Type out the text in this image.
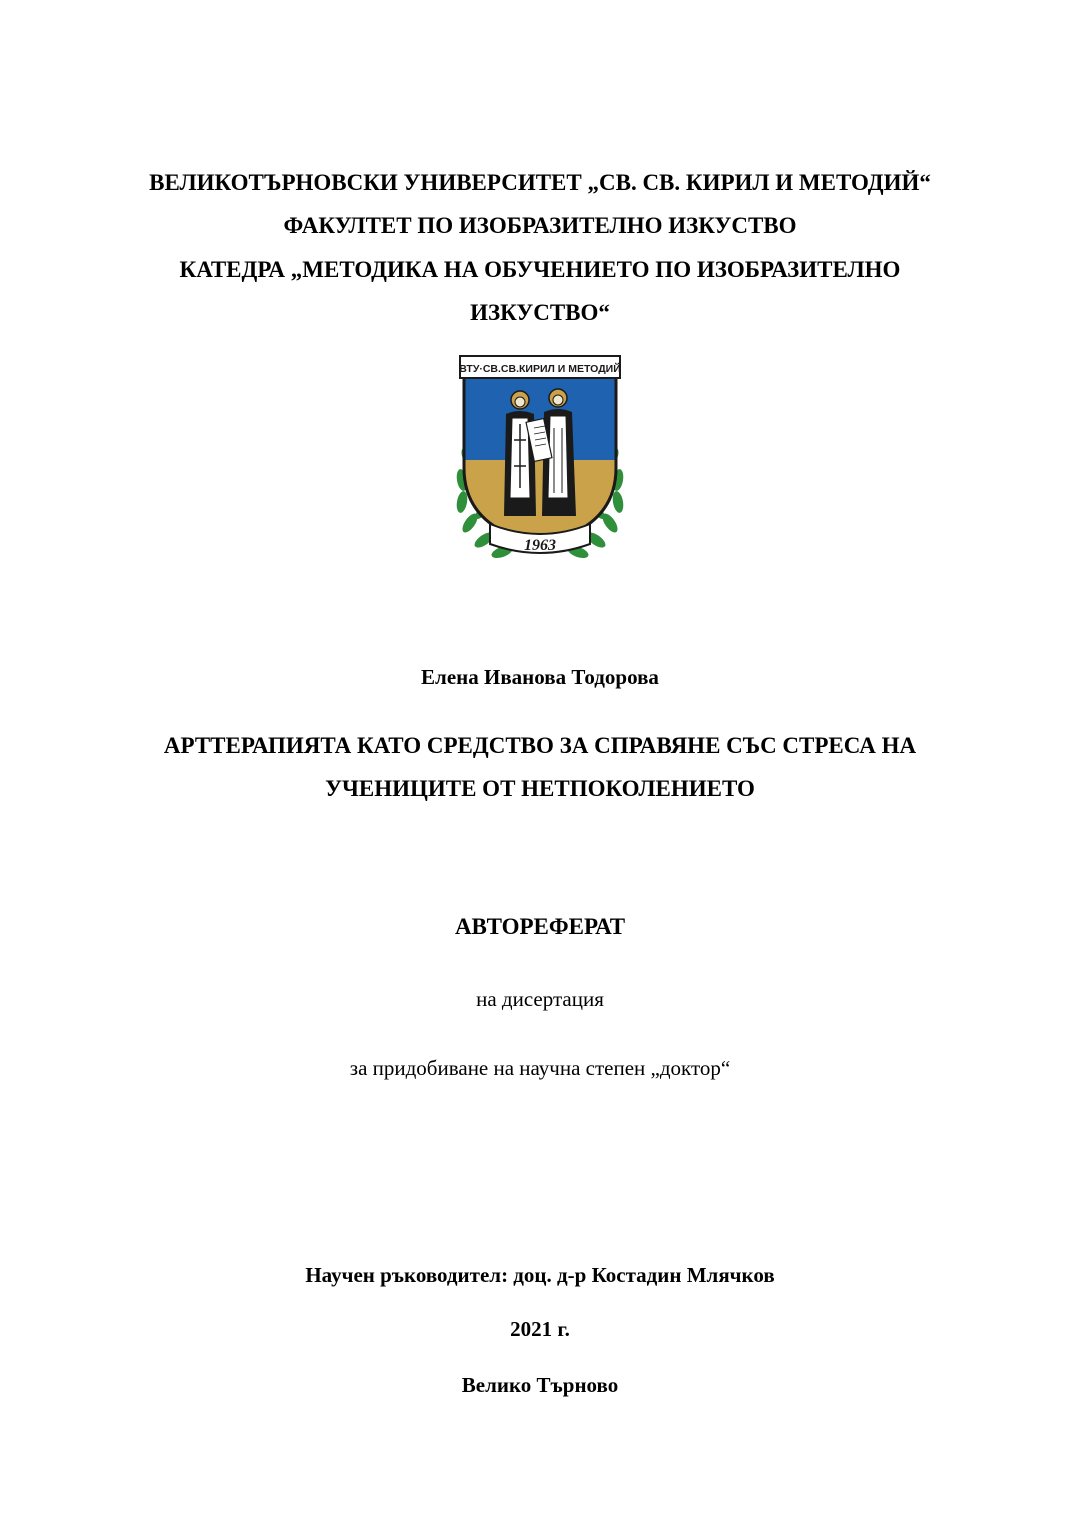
ВЕЛИКОТЪРНОВСКИ УНИВЕРСИТЕТ „СВ. СВ. КИРИЛ И МЕТОДИЙ“
ФАКУЛТЕТ ПО ИЗОБРАЗИТЕЛНО ИЗКУСТВО
КАТЕДРА „МЕТОДИКА НА ОБУЧЕНИЕТО ПО ИЗОБРАЗИТЕЛНО
ИЗКУСТВО“
ВТУ·СВ.СВ.КИРИЛ И МЕТОДИЙ
1963
Елена Иванова Тодорова
АРТТЕРАПИЯТА КАТО СРЕДСТВО ЗА СПРАВЯНЕ СЪС СТРЕСА НА
УЧЕНИЦИТЕ ОТ НЕТПОКОЛЕНИЕТО
АВТОРЕФЕРАТ
на дисертация
за придобиване на научна степен „доктор“
Научен ръководител: доц. д-р Костадин Млячков
2021 г.
Велико Търново
